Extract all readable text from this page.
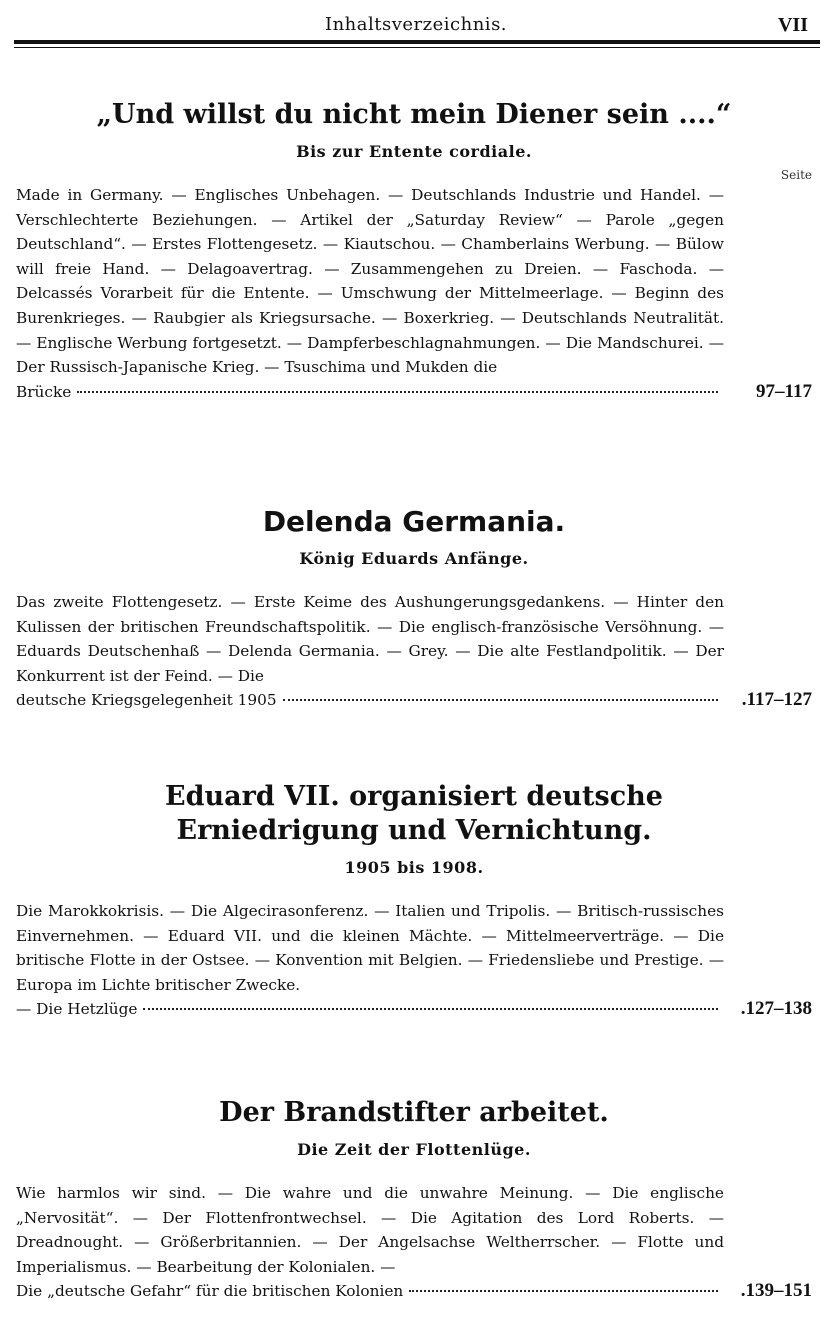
Inhaltsverzeichnis.	VII
„Und willst du nicht mein Diener sein ....“
Bis zur Entente cordiale.
Seite

Made in Germany. — Englisches Unbehagen. — Deutschlands Industrie und Handel. — Verschlechterte Beziehungen. — Artikel der „Saturday Review“ — Parole „gegen Deutschland“. — Erstes Flottengesetz. — Kiautschou. — Chamberlains Werbung. — Bülow will freie Hand. — Delagoavertrag. — Zusammengehen zu Dreien. — Faschoda. — Delcassés Vorarbeit für die Entente. — Umschwung der Mittelmeerlage. — Beginn des Burenkrieges. — Raubgier als Kriegsursache. — Boxerkrieg. — Deutschlands Neutralität. — Englische Werbung fortgesetzt. — Dampferbeschlagnahmungen. — Die Mandschurei. — Der Russisch-Japanische Krieg. — Tsuschima und Mukden die

Brücke	97–117
Delenda Germania.
König Eduards Anfänge.

Das zweite Flottengesetz. — Erste Keime des Aushungerungsgedankens. — Hinter den Kulissen der britischen Freundschaftspolitik. — Die englisch-französische Versöhnung. — Eduards Deutschenhaß — Delenda Germania. — Grey. — Die alte Festlandpolitik. — Der Konkurrent ist der Feind. — Die

deutsche Kriegsgelegenheit 1905	.117–127
Eduard VII. organisiert deutsche Erniedrigung und Vernichtung.
1905 bis 1908.

Die Marokkokrisis. — Die Algecirasonferenz. — Italien und Tripolis. — Britisch-russisches Einvernehmen. — Eduard VII. und die kleinen Mächte. — Mittelmeerverträge. — Die britische Flotte in der Ostsee. — Konvention mit Belgien. — Friedensliebe und Prestige. — Europa im Lichte britischer Zwecke.

— Die Hetzlüge	.127–138
Der Brandstifter arbeitet.
Die Zeit der Flottenlüge.

Wie harmlos wir sind. — Die wahre und die unwahre Meinung. — Die englische „Nervosität“. — Der Flottenfrontwechsel. — Die Agitation des Lord Roberts. — Dreadnought. — Größerbritannien. — Der Angelsachse Weltherrscher. — Flotte und Imperialismus. — Bearbeitung der Kolonialen. —

Die „deutsche Gefahr“ für die britischen Kolonien	.139–151
